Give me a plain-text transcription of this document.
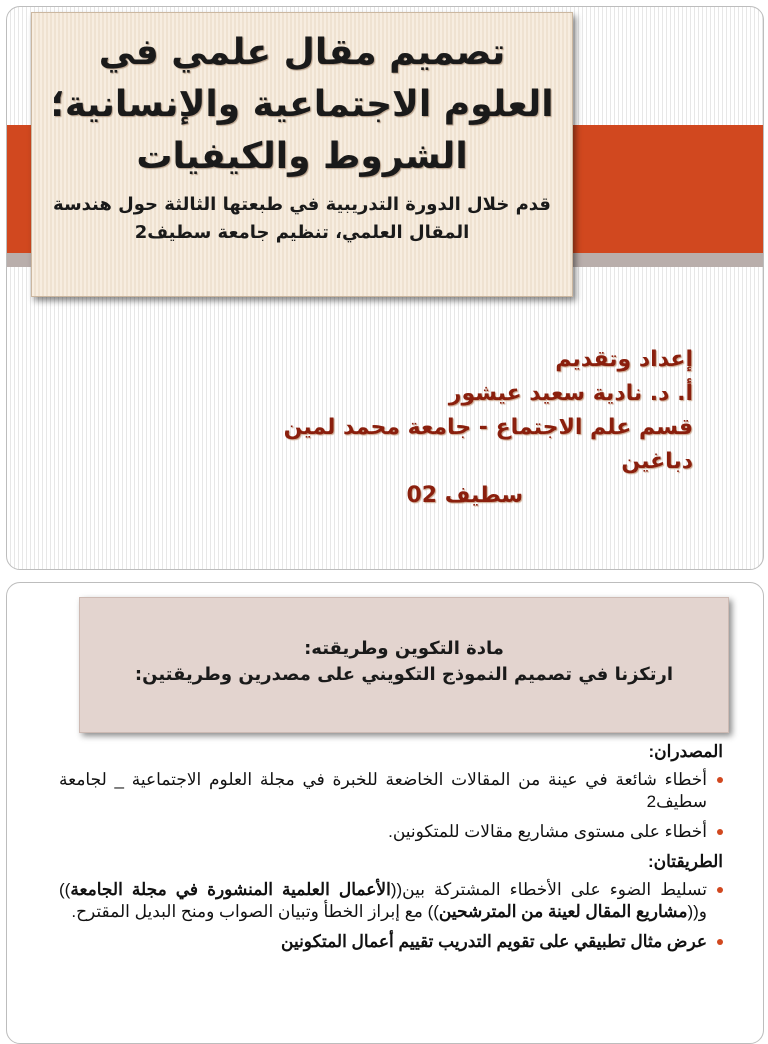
تصميم مقال علمي في العلوم الاجتماعية والإنسانية؛ الشروط والكيفيات
قدم خلال الدورة التدريبية في طبعتها الثالثة حول هندسة المقال العلمي، تنظيم جامعة سطيف2
إعداد وتقديم
أ. د. نادية سعيد عيشور
قسم علم الاجتماع - جامعة محمد لمين دباغين
سطيف 02
مادة التكوين وطريقته:
ارتكزنا في تصميم النموذج التكويني على مصدرين وطريقتين:
المصدران:
أخطاء شائعة في عينة من المقالات الخاضعة للخبرة في مجلة العلوم الاجتماعية _ لجامعة سطيف2
أخطاء على مستوى مشاريع مقالات للمتكونين.
الطريقتان:
تسليط الضوء على الأخطاء المشتركة بين((الأعمال العلمية المنشورة في مجلة الجامعة)) و((مشاريع المقال لعينة من المترشحين)) مع إبراز الخطأ وتبيان الصواب ومنح البديل المقترح.
عرض مثال تطبيقي على تقويم التدريب تقييم أعمال المتكونين
